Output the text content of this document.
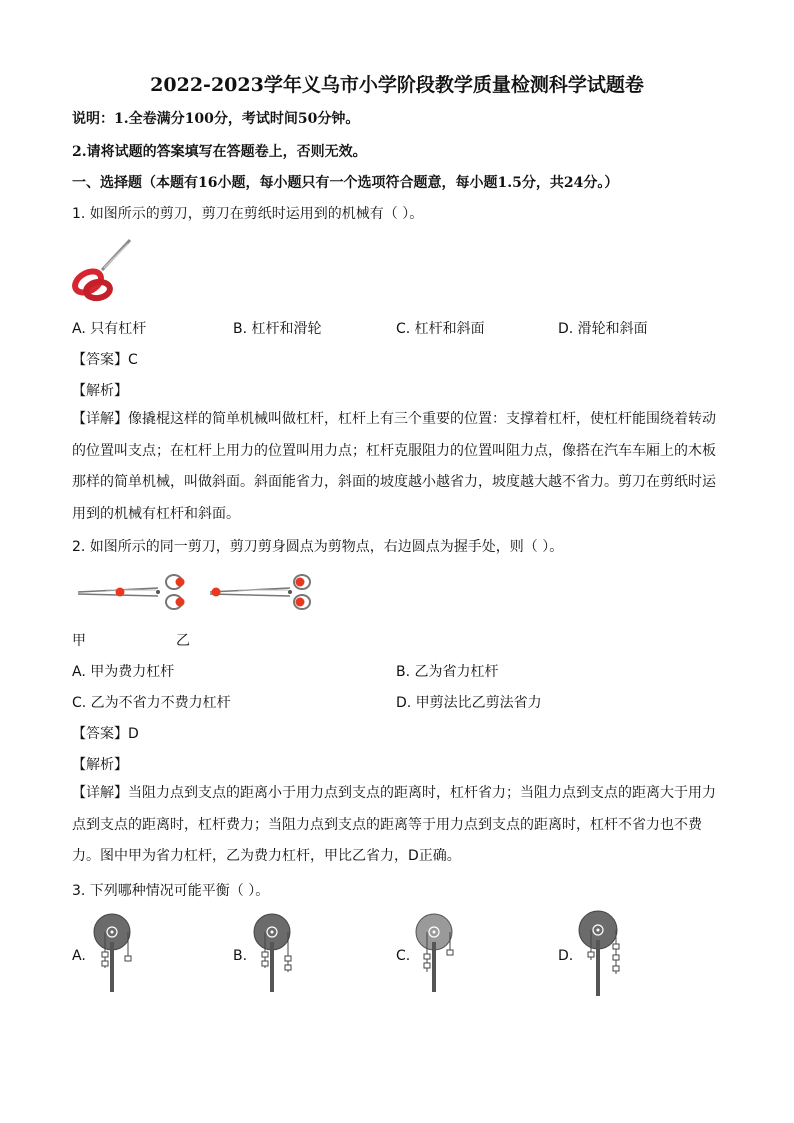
2022-2023学年义乌市小学阶段教学质量检测科学试题卷
说明：1.全卷满分100分，考试时间50分钟。
2.请将试题的答案填写在答题卷上，否则无效。
一、选择题（本题有16小题，每小题只有一个选项符合题意，每小题1.5分，共24分。）
1. 如图所示的剪刀，剪刀在剪纸时运用到的机械有（ ）。
A. 只有杠杆	B. 杠杆和滑轮	C. 杠杆和斜面	D. 滑轮和斜面
【答案】C
【解析】
【详解】像撬棍这样的简单机械叫做杠杆，杠杆上有三个重要的位置：支撑着杠杆，使杠杆能围绕着转动的位置叫支点；在杠杆上用力的位置叫用力点；杠杆克服阻力的位置叫阻力点，像搭在汽车车厢上的木板那样的简单机械，叫做斜面。斜面能省力，斜面的坡度越小越省力，坡度越大越不省力。剪刀在剪纸时运用到的机械有杠杆和斜面。
2. 如图所示的同一剪刀，剪刀剪身圆点为剪物点，右边圆点为握手处，则（ ）。
甲	乙
A. 甲为费力杠杆	B. 乙为省力杠杆
C. 乙为不省力不费力杠杆	D. 甲剪法比乙剪法省力
【答案】D
【解析】
【详解】当阻力点到支点的距离小于用力点到支点的距离时，杠杆省力；当阻力点到支点的距离大于用力点到支点的距离时，杠杆费力；当阻力点到支点的距离等于用力点到支点的距离时，杠杆不省力也不费力。图中甲为省力杠杆，乙为费力杠杆，甲比乙省力，D正确。
3. 下列哪种情况可能平衡（ ）。
A.	B.	C.	D.
